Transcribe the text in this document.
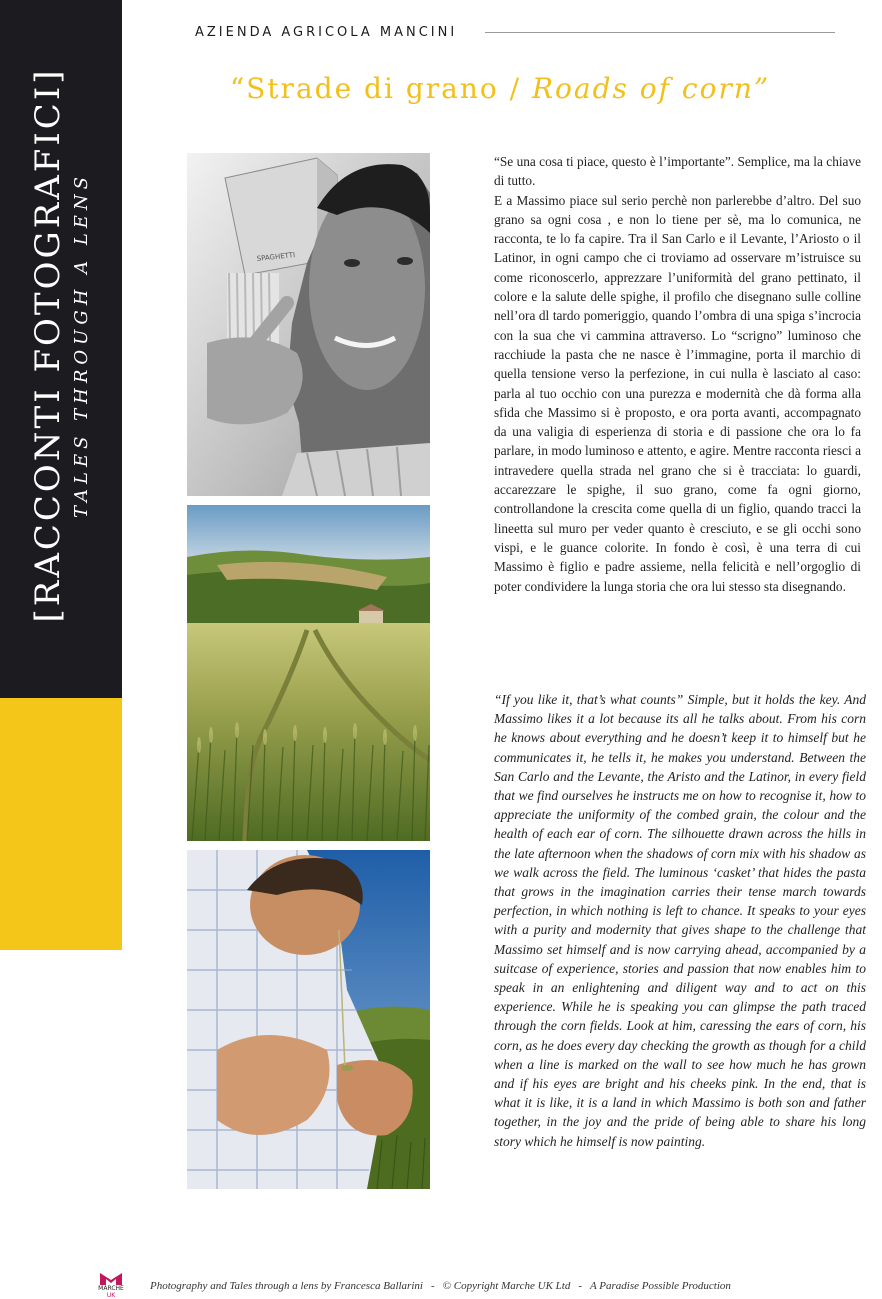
[RACCONTI FOTOGRAFICI] TALES THROUGH A LENS
AZIENDA AGRICOLA MANCINI
“Strade di grano / Roads of corn”
SPAGHETTI

“Se una cosa ti piace, questo è l’importante”. Semplice, ma la chiave di tutto.

E a Massimo piace sul serio perchè non parlerebbe d’altro. Del suo grano sa ogni cosa , e non lo tiene per sè, ma lo comunica, ne racconta, te lo fa capire. Tra il San Carlo e il Levante, l’Ariosto o il Latinor, in ogni campo che ci troviamo ad osservare m’istruisce su come riconoscerlo, apprezzare l’uniformità del grano pettinato, il colore e la salute delle spighe, il profilo che disegnano sulle colline nell’ora dl tardo pomeriggio, quando l’ombra di una spiga s’incrocia con la sua che vi cammina attraverso. Lo “scrigno” luminoso che racchiude la pasta che ne nasce è l’immagine, porta il marchio di quella tensione verso la perfezione, in cui nulla è lasciato al caso: parla al tuo occhio con una purezza e modernità che dà forma alla sfida che Massimo si è proposto, e ora porta avanti, accompagnato da una valigia di esperienza di storia e di passione che ora lo fa parlare, in modo luminoso e attento, e agire. Mentre racconta riesci a intravedere quella strada nel grano che si è tracciata: lo guardi, accarezzare le spighe, il suo grano, come fa ogni giorno, controllandone la crescita come quella di un figlio, quando tracci la lineetta sul muro per veder quanto è cresciuto, e se gli occhi sono vispi, e le guance colorite. In fondo è così, è una terra di cui Massimo è figlio e padre assieme, nella felicità e nell’orgoglio di poter condividere la lunga storia che ora lui stesso sta disegnando.

“If you like it, that’s what counts” Simple, but it holds the key. And Massimo likes it a lot because its all he talks about. From his corn he knows about everything and he doesn’t keep it to himself but he communicates it, he tells it, he makes you understand. Between the San Carlo and the Levante, the Aristo and the Latinor, in every field that we find ourselves he instructs me on how to recognise it, how to appreciate the uniformity of the combed grain, the colour and the health of each ear of corn. The silhouette drawn across the hills in the late afternoon when the shadows of corn mix with his shadow as we walk across the field. The luminous ‘casket’ that hides the pasta that grows in the imagination carries their tense march towards perfection, in which nothing is left to chance. It speaks to your eyes with a purity and modernity that gives shape to the challenge that Massimo set himself and is now carrying ahead, accompanied by a suitcase of experience, stories and passion that now enables him to speak in an enlightening and diligent way and to act on this experience. While he is speaking you can glimpse the path traced through the corn fields. Look at him, caressing the ears of corn, his corn, as he does every day checking the growth as though for a child when a line is marked on the wall to see how much he has grown and if his eyes are bright and his cheeks pink. In the end, that is what it is like, it is a land in which Massimo is both son and father together, in the joy and the pride of being able to share his long story which he himself is now painting.

MARCHE
UK
Photography and Tales through a lens by Francesca Ballarini - © Copyright Marche UK Ltd - A Paradise Possible Production
